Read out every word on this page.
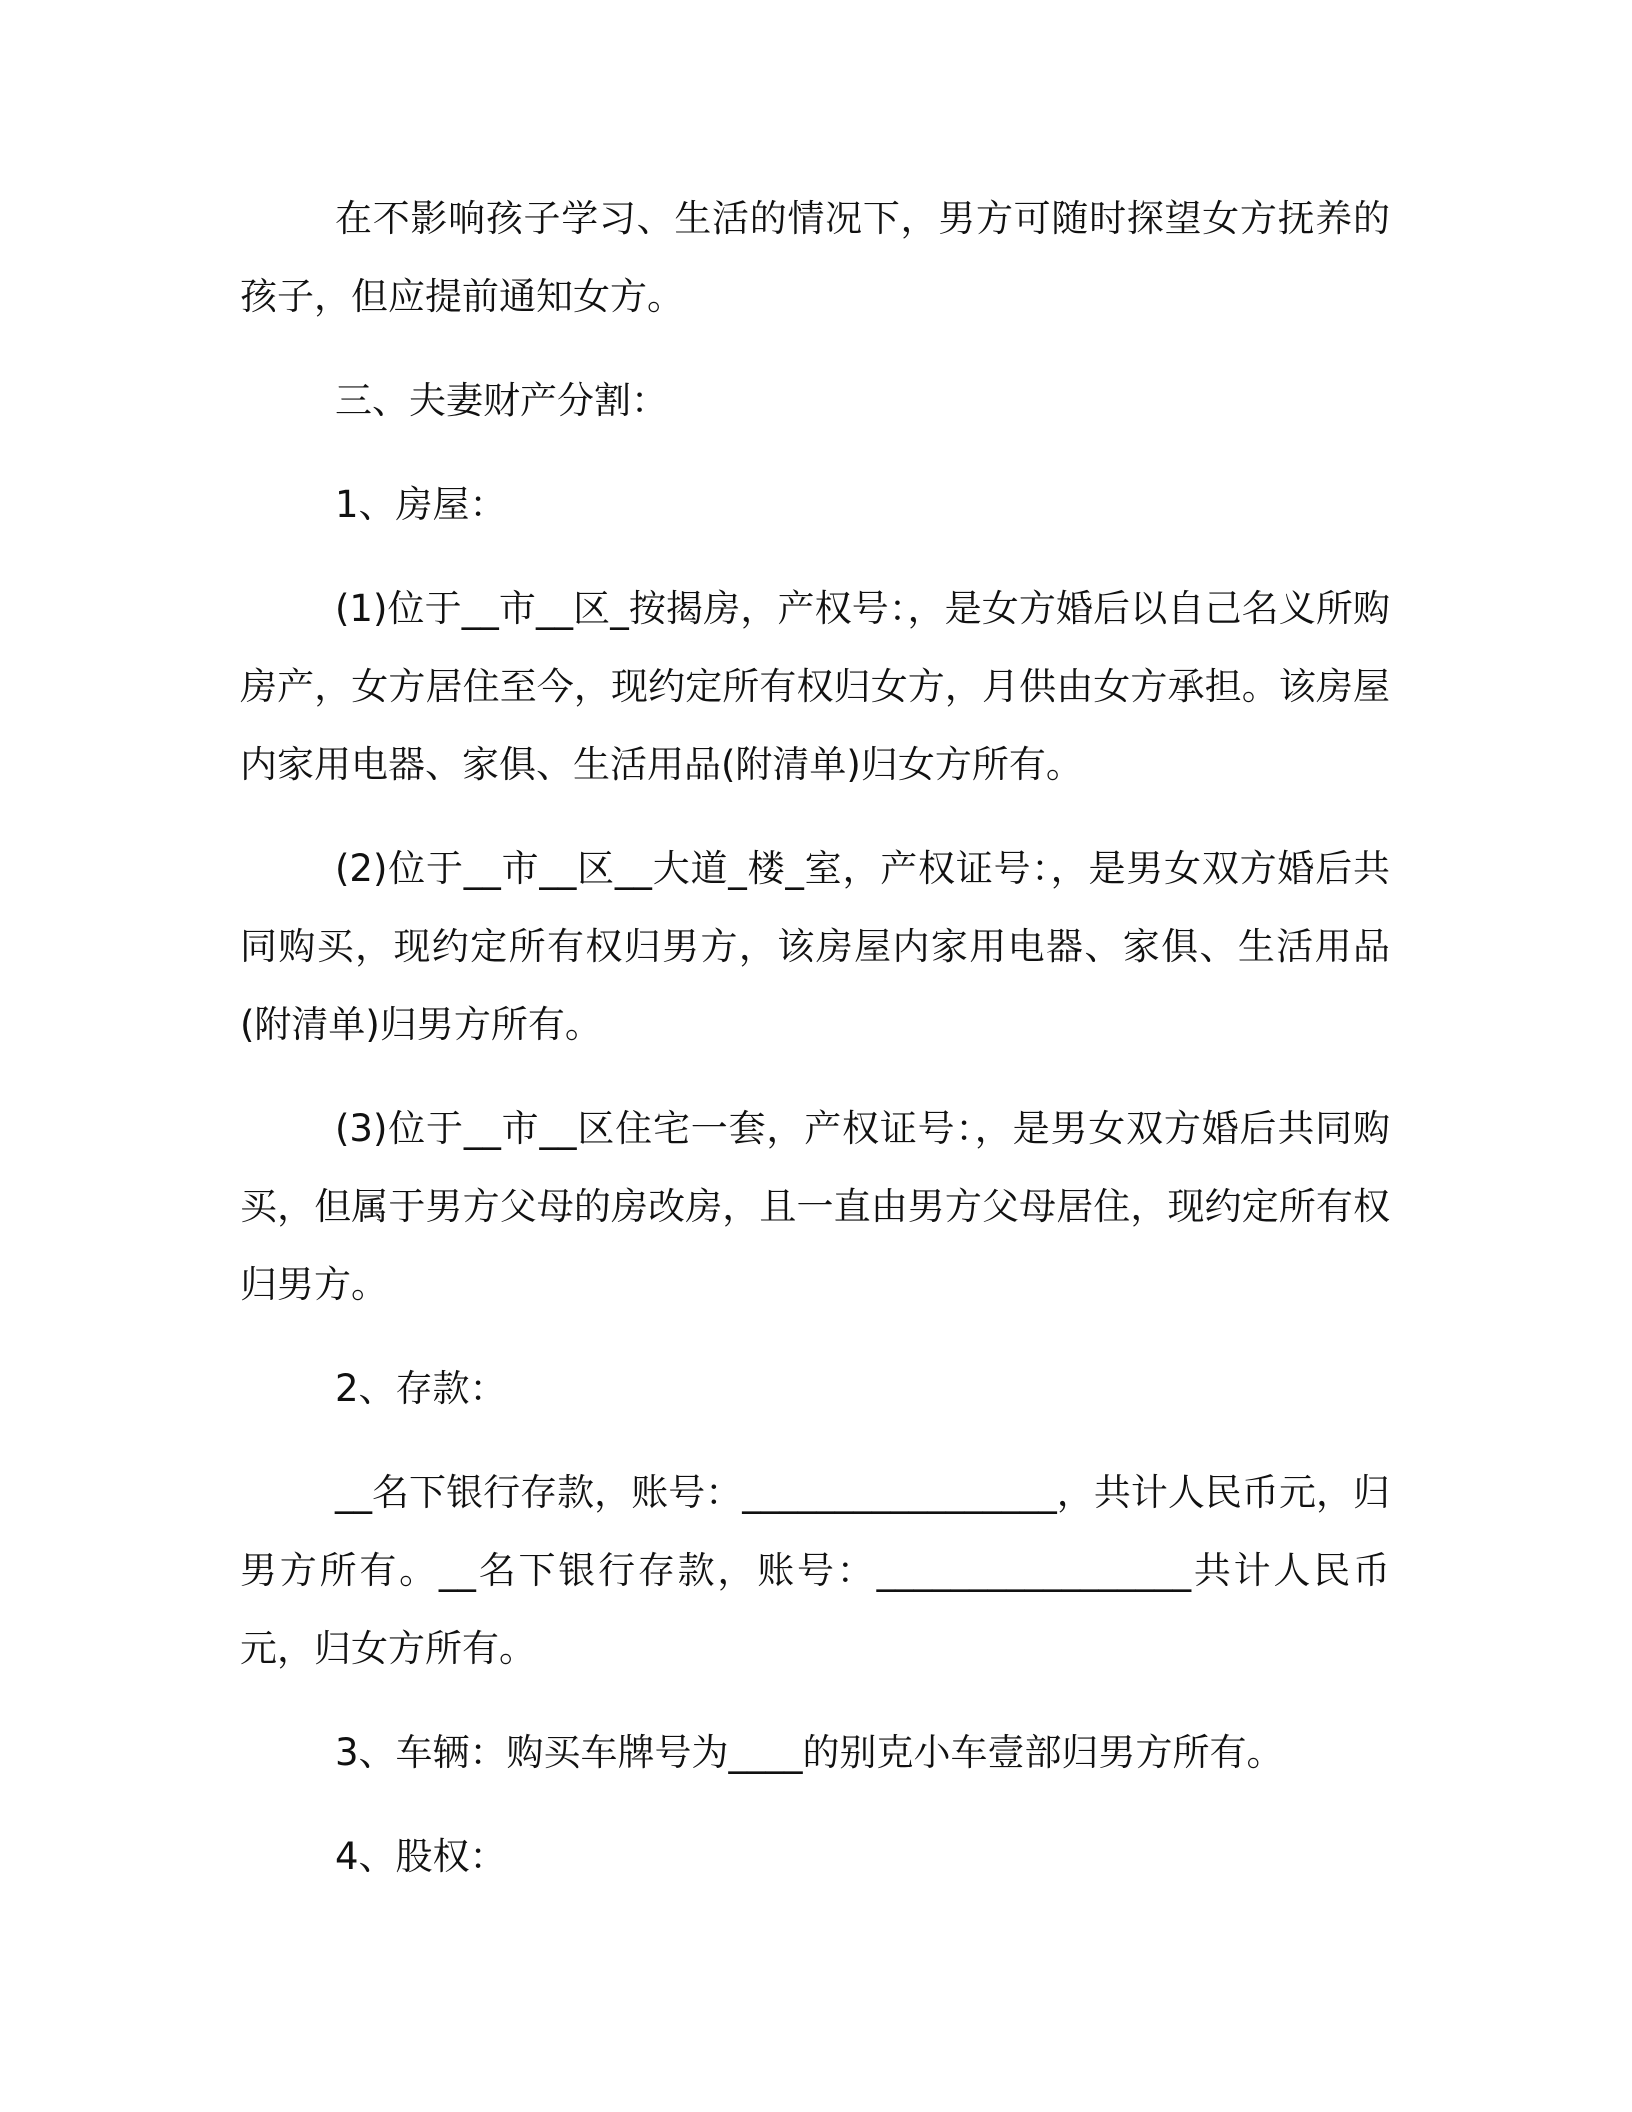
在不影响孩子学习、生活的情况下，男方可随时探望女方抚养的孩子，但应提前通知女方。

三、夫妻财产分割：

1、房屋：

(1)位于__市__区_按揭房，产权号：，是女方婚后以自己名义所购房产，女方居住至今，现约定所有权归女方，月供由女方承担。该房屋内家用电器、家俱、生活用品(附清单)归女方所有。

(2)位于__市__区__大道_楼_室，产权证号：，是男女双方婚后共同购买，现约定所有权归男方，该房屋内家用电器、家俱、生活用品(附清单)归男方所有。

(3)位于__市__区住宅一套，产权证号：，是男女双方婚后共同购买，但属于男方父母的房改房，且一直由男方父母居住，现约定所有权归男方。

2、存款：

__名下银行存款，账号：_________________，共计人民币元，归男方所有。__名下银行存款，账号：_________________共计人民币元，归女方所有。

3、车辆：购买车牌号为____的别克小车壹部归男方所有。

4、股权：
